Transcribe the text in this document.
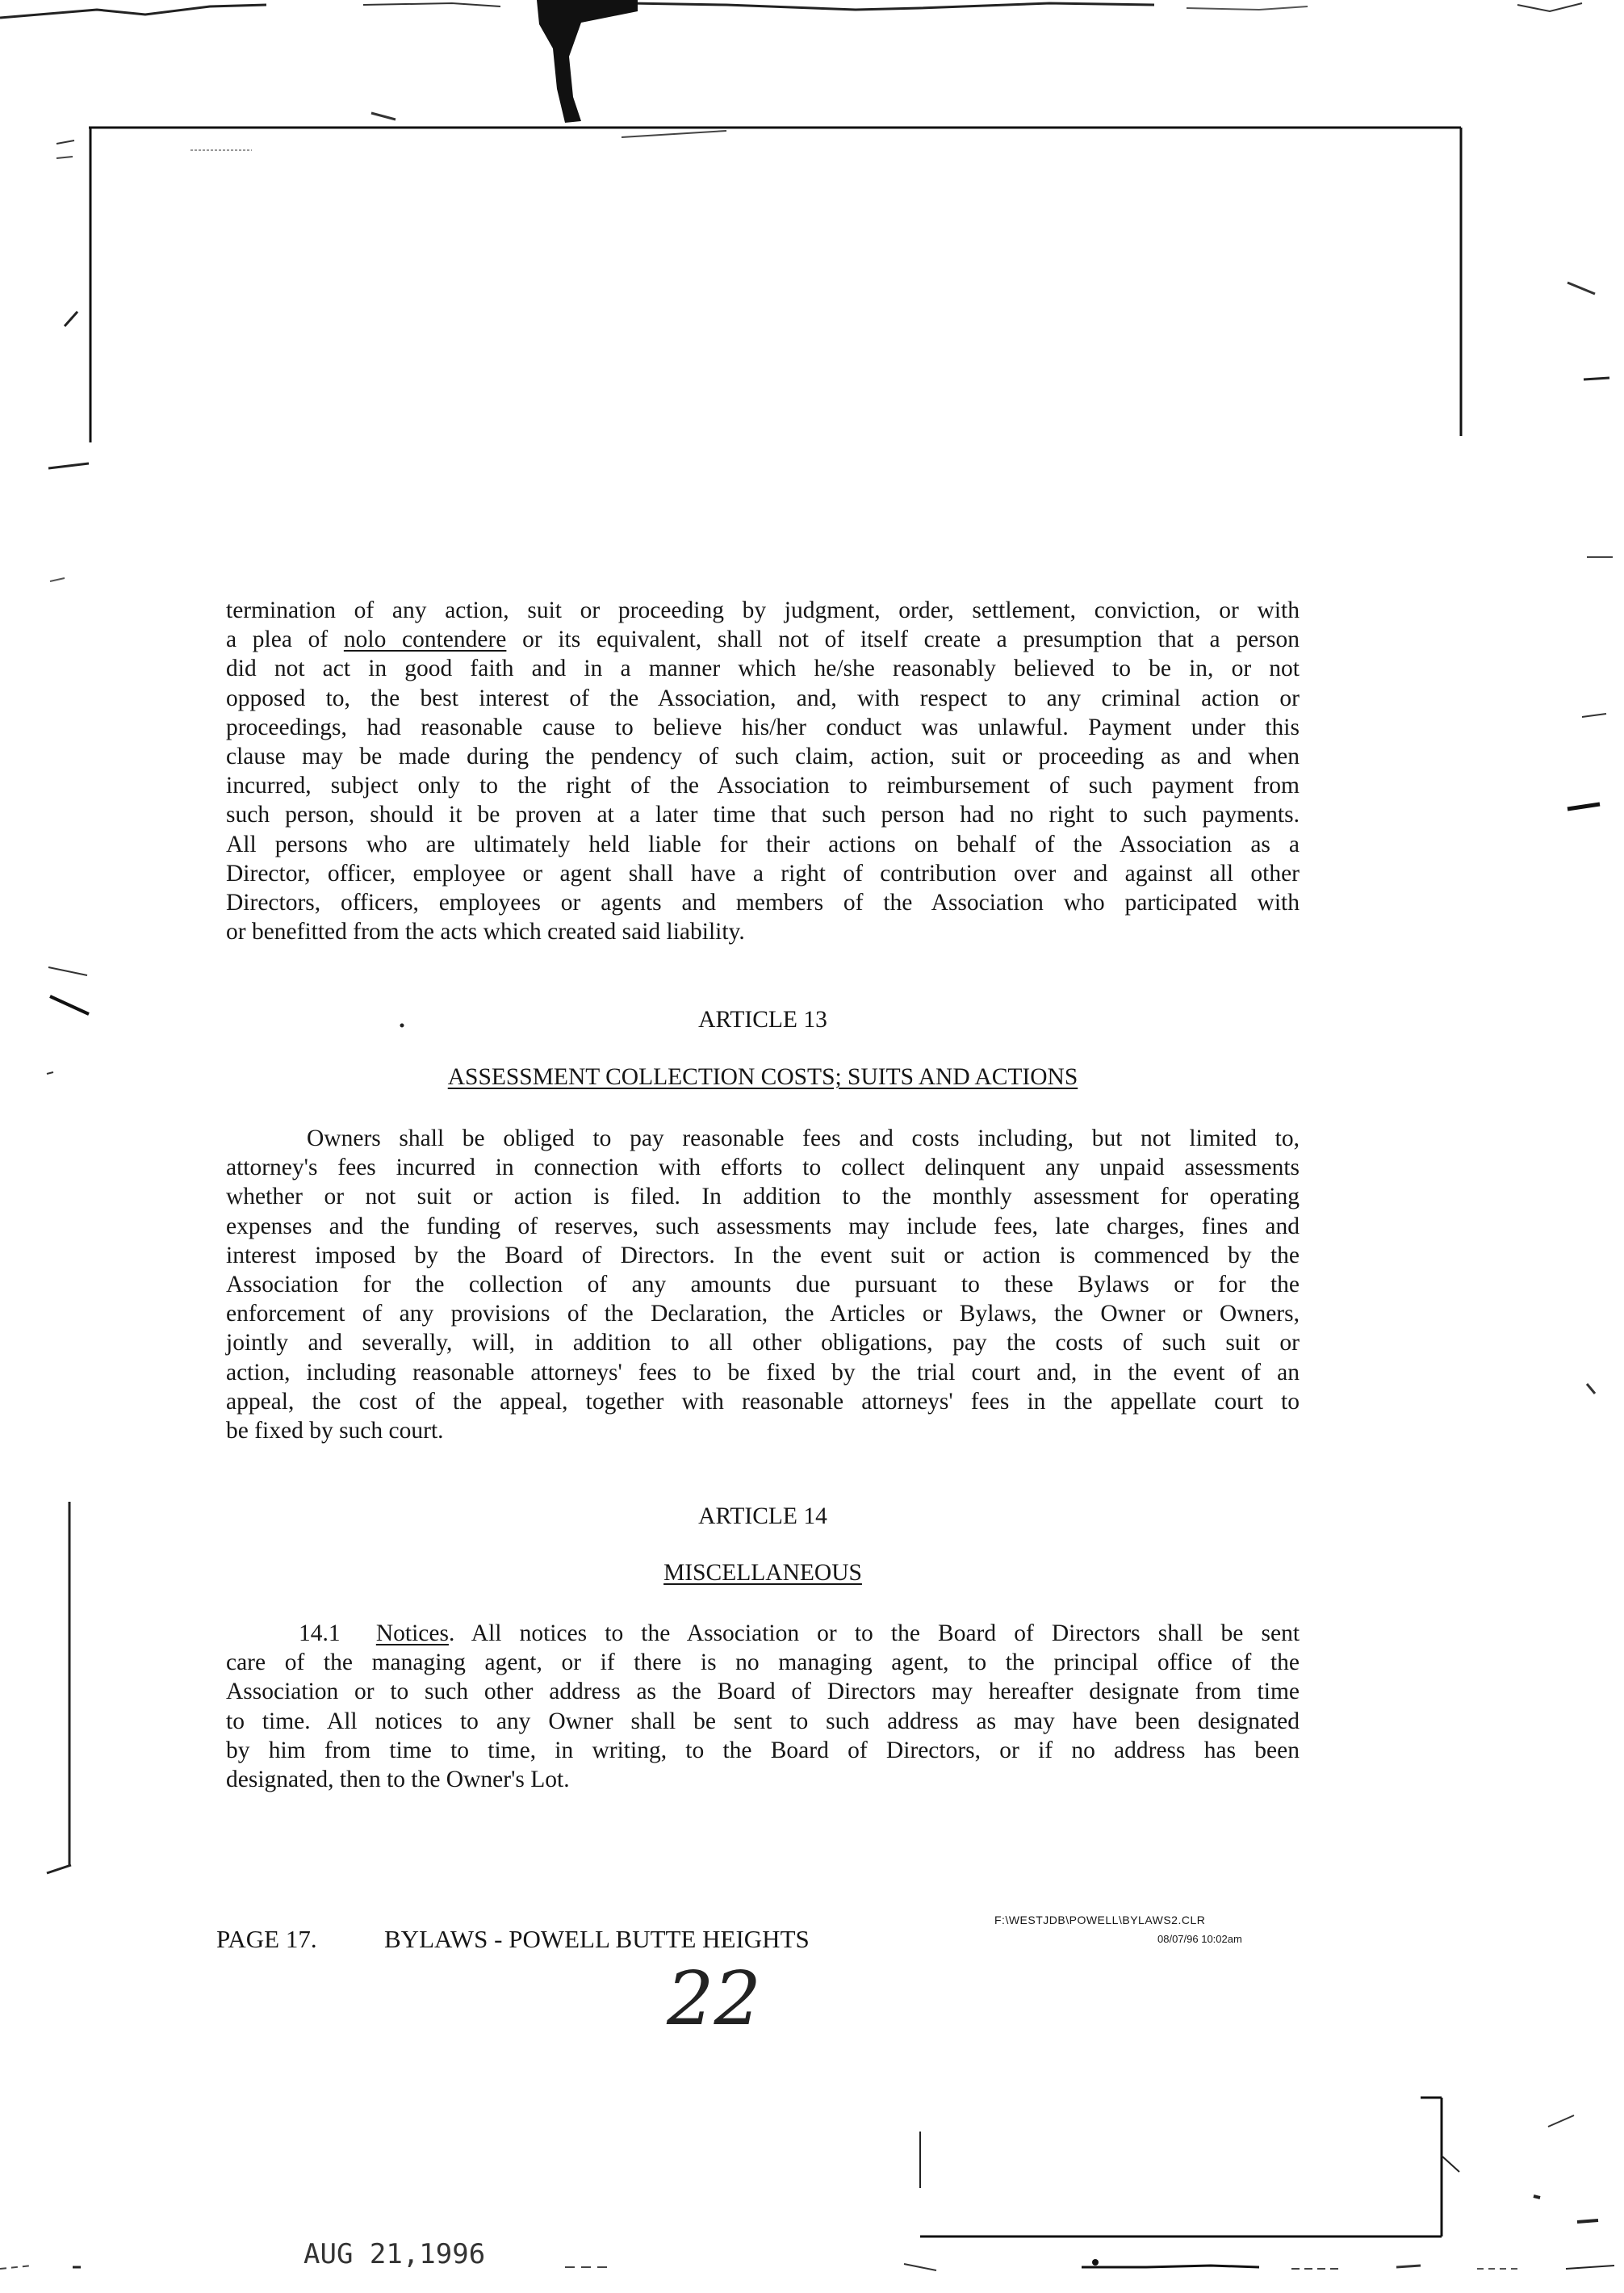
termination of any action, suit or proceeding by judgment, order, settlement, conviction, or with
a plea of nolo contendere or its equivalent, shall not of itself create a presumption that a person
did not act in good faith and in a manner which he/she reasonably believed to be in, or not
opposed to, the best interest of the Association, and, with respect to any criminal action or
proceedings, had reasonable cause to believe his/her conduct was unlawful. Payment under this
clause may be made during the pendency of such claim, action, suit or proceeding as and when
incurred, subject only to the right of the Association to reimbursement of such payment from
such person, should it be proven at a later time that such person had no right to such payments.
All persons who are ultimately held liable for their actions on behalf of the Association as a
Director, officer, employee or agent shall have a right of contribution over and against all other
Directors, officers, employees or agents and members of the Association who participated with
or benefitted from the acts which created said liability.
ARTICLE 13
ASSESSMENT COLLECTION COSTS; SUITS AND ACTIONS
Owners shall be obliged to pay reasonable fees and costs including, but not limited to,
attorney's fees incurred in connection with efforts to collect delinquent any unpaid assessments
whether or not suit or action is filed. In addition to the monthly assessment for operating
expenses and the funding of reserves, such assessments may include fees, late charges, fines and
interest imposed by the Board of Directors. In the event suit or action is commenced by the
Association for the collection of any amounts due pursuant to these Bylaws or for the
enforcement of any provisions of the Declaration, the Articles or Bylaws, the Owner or Owners,
jointly and severally, will, in addition to all other obligations, pay the costs of such suit or
action, including reasonable attorneys' fees to be fixed by the trial court and, in the event of an
appeal, the cost of the appeal, together with reasonable attorneys' fees in the appellate court to
be fixed by such court.
ARTICLE 14
MISCELLANEOUS
14.1 Notices. All notices to the Association or to the Board of Directors shall be sent
care of the managing agent, or if there is no managing agent, to the principal office of the
Association or to such other address as the Board of Directors may hereafter designate from time
to time. All notices to any Owner shall be sent to such address as may have been designated
by him from time to time, in writing, to the Board of Directors, or if no address has been
designated, then to the Owner's Lot.
PAGE 17.	BYLAWS - POWELL BUTTE HEIGHTS
F:\WESTJDB\POWELL\BYLAWS2.CLR
08/07/96 10:02am
22
AUG 21,1996
